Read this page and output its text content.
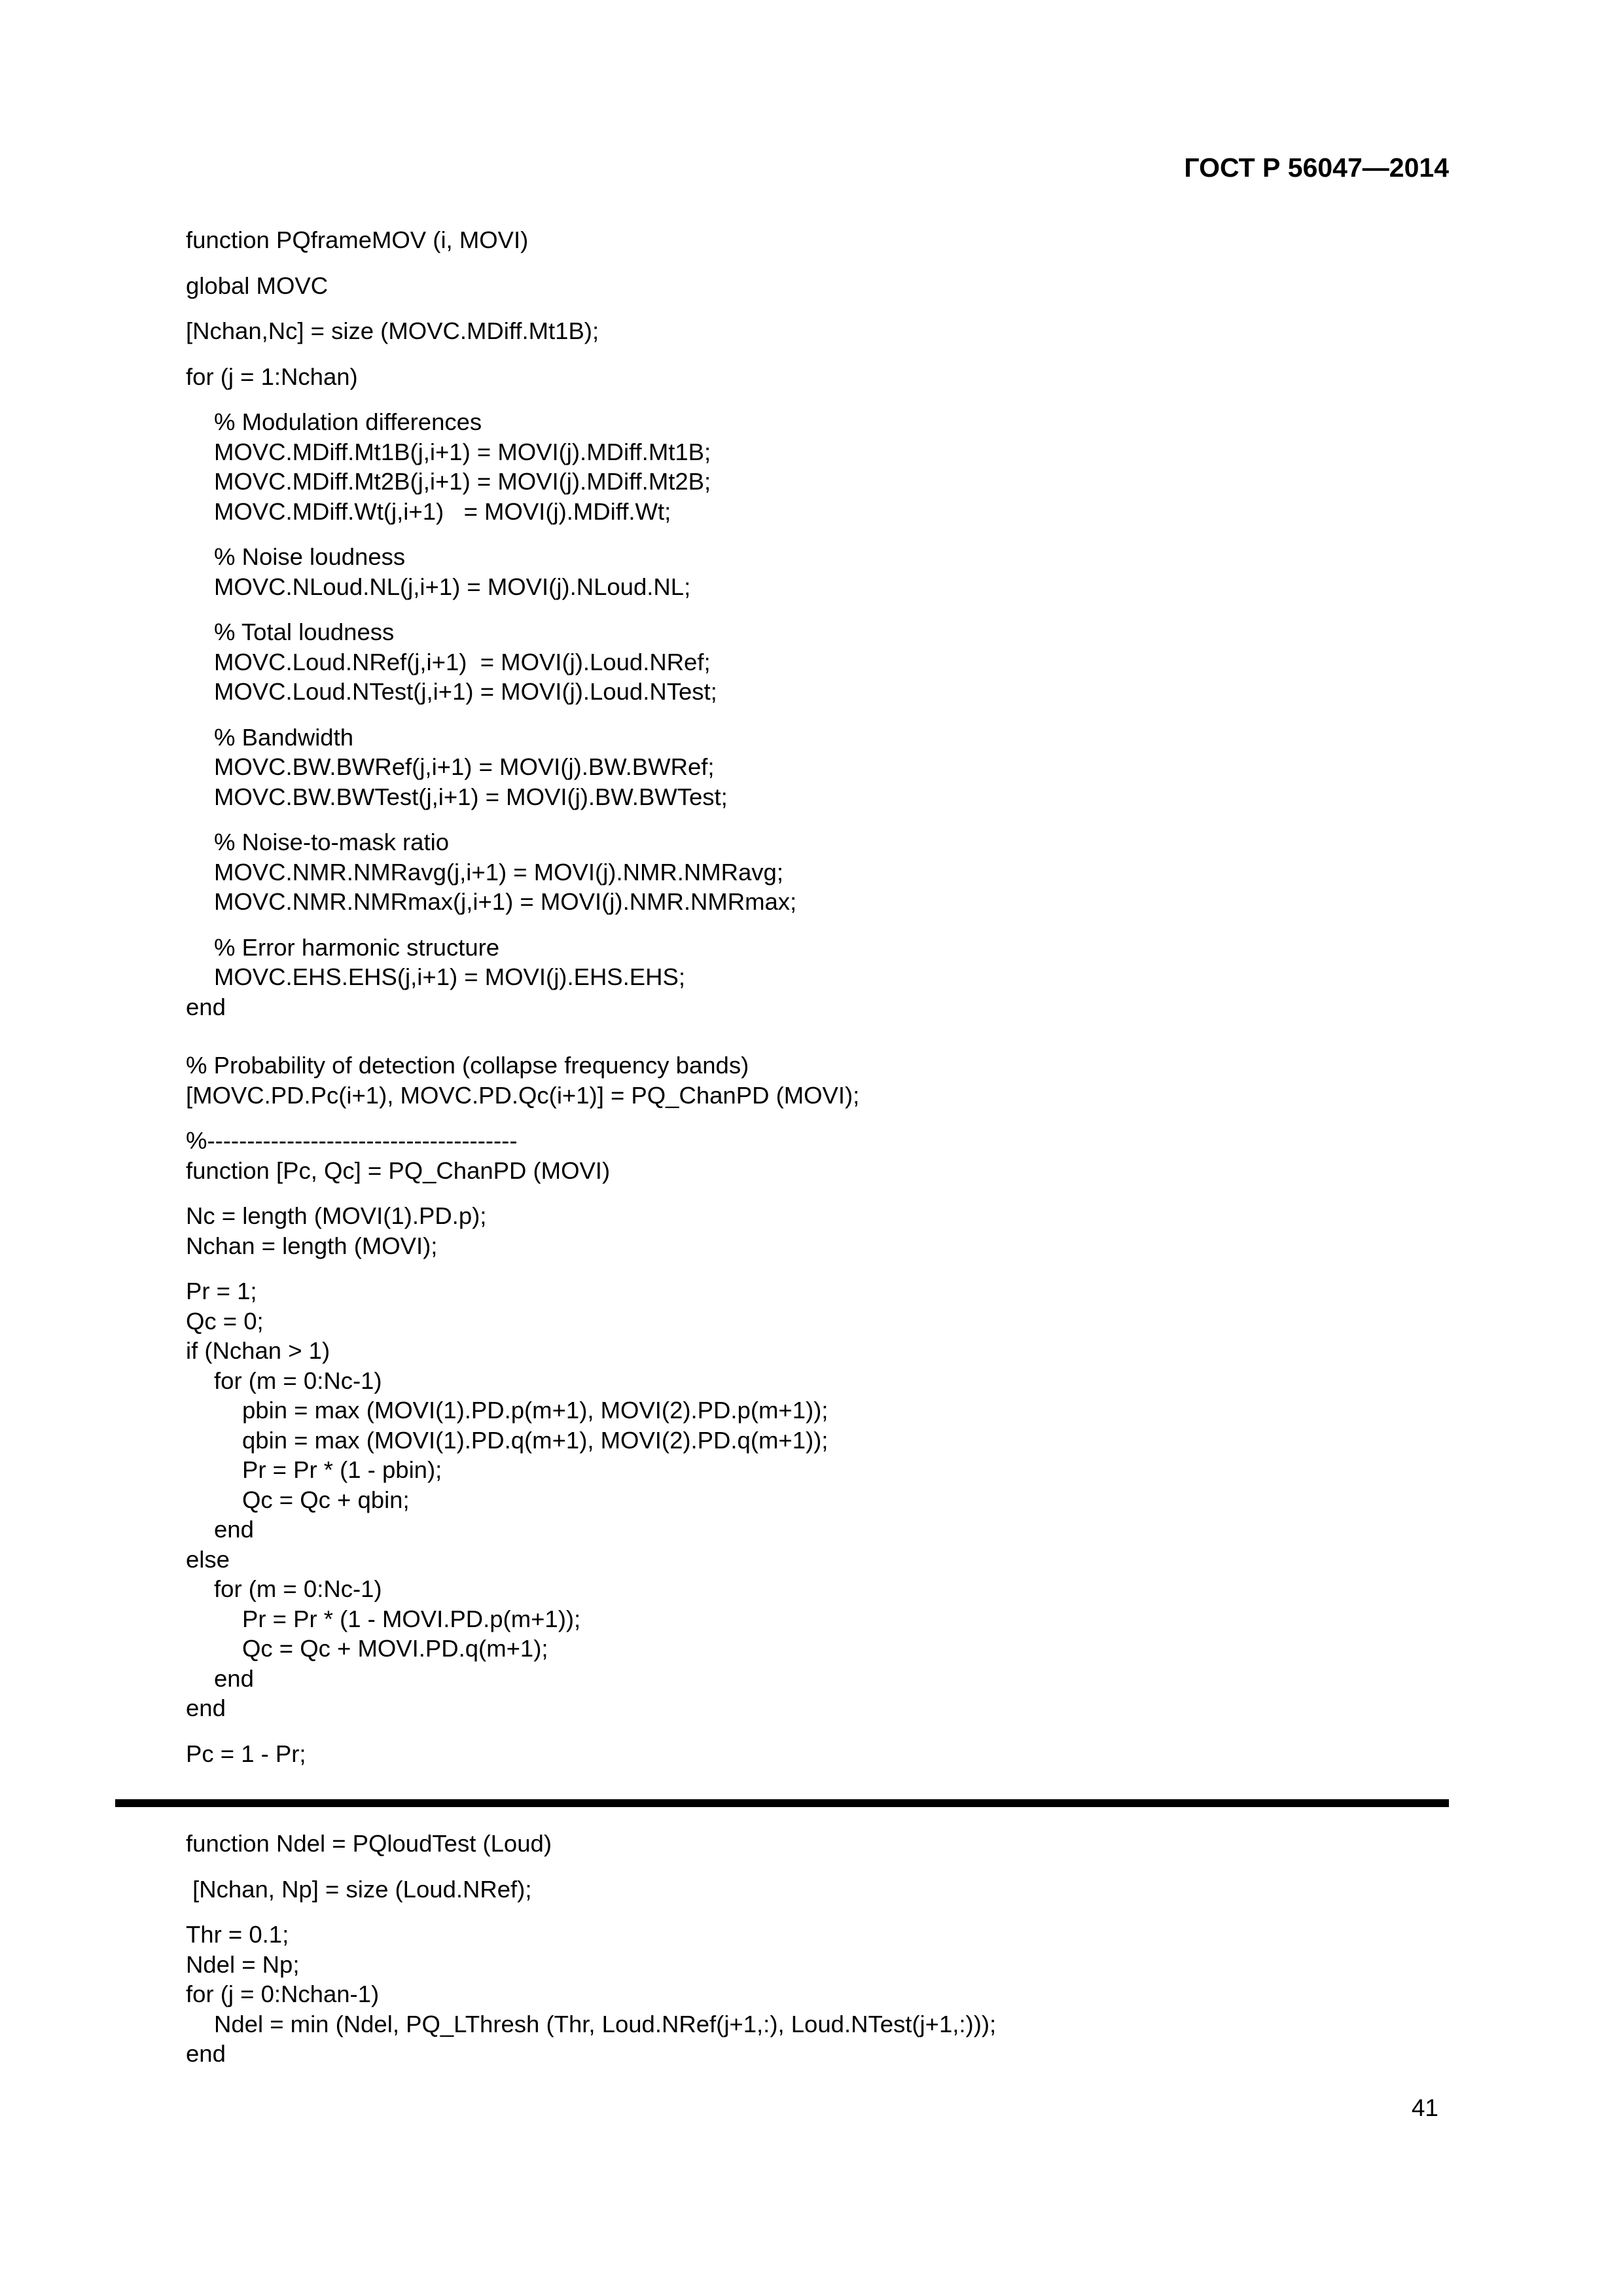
ГОСТ Р 56047—2014
function PQframeMOV (i, MOVI)
global MOVC
[Nchan,Nc] = size (MOVC.MDiff.Mt1B);
for (j = 1:Nchan)
% Modulation differences
MOVC.MDiff.Mt1B(j,i+1) = MOVI(j).MDiff.Mt1B;
MOVC.MDiff.Mt2B(j,i+1) = MOVI(j).MDiff.Mt2B;
MOVC.MDiff.Wt(j,i+1)   = MOVI(j).MDiff.Wt;
% Noise loudness
MOVC.NLoud.NL(j,i+1) = MOVI(j).NLoud.NL;
% Total loudness
MOVC.Loud.NRef(j,i+1)  = MOVI(j).Loud.NRef;
MOVC.Loud.NTest(j,i+1) = MOVI(j).Loud.NTest;
% Bandwidth
MOVC.BW.BWRef(j,i+1) = MOVI(j).BW.BWRef;
MOVC.BW.BWTest(j,i+1) = MOVI(j).BW.BWTest;
% Noise-to-mask ratio
MOVC.NMR.NMRavg(j,i+1) = MOVI(j).NMR.NMRavg;
MOVC.NMR.NMRmax(j,i+1) = MOVI(j).NMR.NMRmax;
% Error harmonic structure
MOVC.EHS.EHS(j,i+1) = MOVI(j).EHS.EHS;
end
% Probability of detection (collapse frequency bands)
[MOVC.PD.Pc(i+1), MOVC.PD.Qc(i+1)] = PQ_ChanPD (MOVI);
%---------------------------------------
function [Pc, Qc] = PQ_ChanPD (MOVI)
Nc = length (MOVI(1).PD.p);
Nchan = length (MOVI);
Pr = 1;
Qc = 0;
if (Nchan > 1)
for (m = 0:Nc-1)
pbin = max (MOVI(1).PD.p(m+1), MOVI(2).PD.p(m+1));
qbin = max (MOVI(1).PD.q(m+1), MOVI(2).PD.q(m+1));
Pr = Pr * (1 - pbin);
Qc = Qc + qbin;
end
else
for (m = 0:Nc-1)
Pr = Pr * (1 - MOVI.PD.p(m+1));
Qc = Qc + MOVI.PD.q(m+1);
end
end
Pc = 1 - Pr;
function Ndel = PQloudTest (Loud)
[Nchan, Np] = size (Loud.NRef);
Thr = 0.1;
Ndel = Np;
for (j = 0:Nchan-1)
Ndel = min (Ndel, PQ_LThresh (Thr, Loud.NRef(j+1,:), Loud.NTest(j+1,:)));
end
41
